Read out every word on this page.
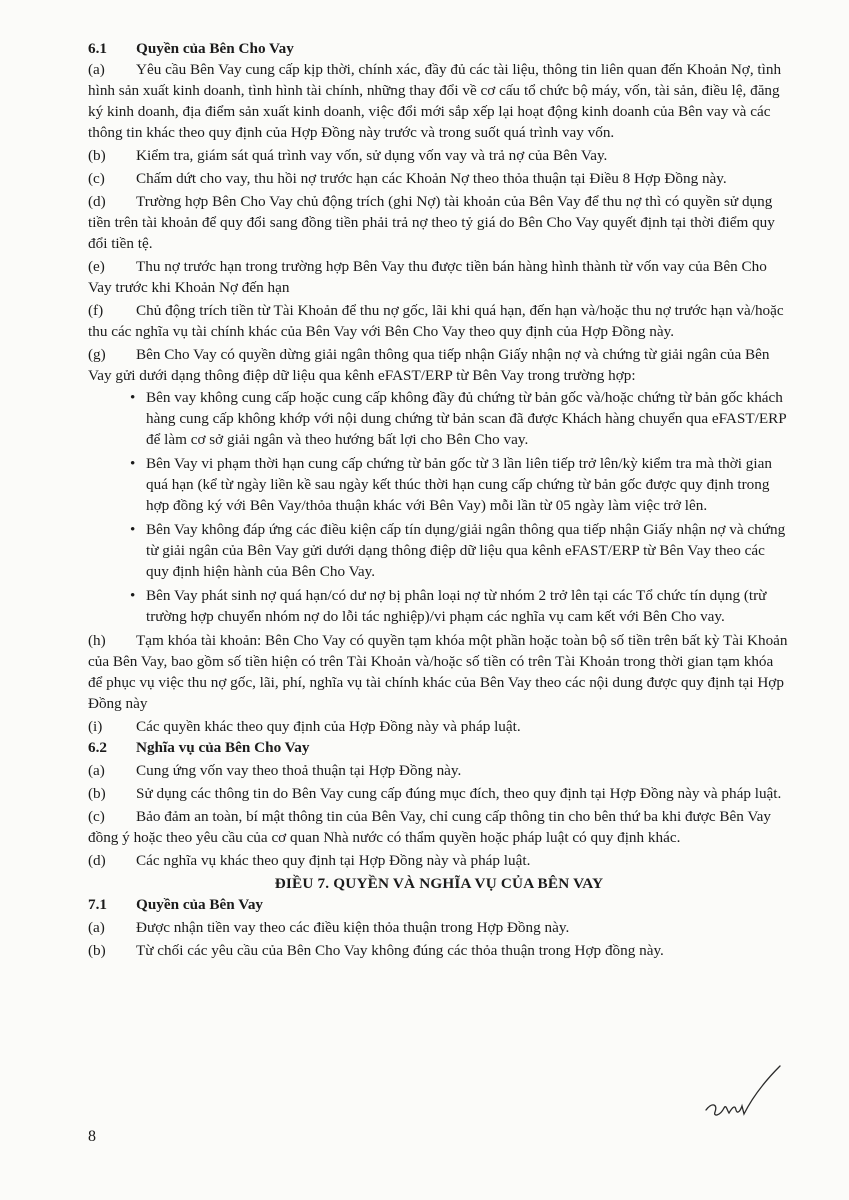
6.1	Quyền của Bên Cho Vay
(a) Yêu cầu Bên Vay cung cấp kịp thời, chính xác, đầy đủ các tài liệu, thông tin liên quan đến Khoản Nợ, tình hình sản xuất kinh doanh, tình hình tài chính, những thay đổi về cơ cấu tổ chức bộ máy, vốn, tài sản, điều lệ, đăng ký kinh doanh, địa điểm sản xuất kinh doanh, việc đổi mới sắp xếp lại hoạt động kinh doanh của Bên vay và các thông tin khác theo quy định của Hợp Đồng này trước và trong suốt quá trình vay vốn.
(b) Kiểm tra, giám sát quá trình vay vốn, sử dụng vốn vay và trả nợ của Bên Vay.
(c) Chấm dứt cho vay, thu hồi nợ trước hạn các Khoản Nợ theo thỏa thuận tại Điều 8 Hợp Đồng này.
(d) Trường hợp Bên Cho Vay chủ động trích (ghi Nợ) tài khoản của Bên Vay để thu nợ thì có quyền sử dụng tiền trên tài khoản để quy đổi sang đồng tiền phải trả nợ theo tỷ giá do Bên Cho Vay quyết định tại thời điểm quy đổi tiền tệ.
(e) Thu nợ trước hạn trong trường hợp Bên Vay thu được tiền bán hàng hình thành từ vốn vay của Bên Cho Vay trước khi Khoản Nợ đến hạn
(f) Chủ động trích tiền từ Tài Khoản để thu nợ gốc, lãi khi quá hạn, đến hạn và/hoặc thu nợ trước hạn và/hoặc thu các nghĩa vụ tài chính khác của Bên Vay với Bên Cho Vay theo quy định của Hợp Đồng này.
(g) Bên Cho Vay có quyền dừng giải ngân thông qua tiếp nhận Giấy nhận nợ và chứng từ giải ngân của Bên Vay gửi dưới dạng thông điệp dữ liệu qua kênh eFAST/ERP từ Bên Vay trong trường hợp:
• Bên vay không cung cấp hoặc cung cấp không đầy đủ chứng từ bản gốc và/hoặc chứng từ bản gốc khách hàng cung cấp không khớp với nội dung chứng từ bản scan đã được Khách hàng chuyển qua eFAST/ERP để làm cơ sở giải ngân và theo hướng bất lợi cho Bên Cho vay.
• Bên Vay vi phạm thời hạn cung cấp chứng từ bản gốc từ 3 lần liên tiếp trở lên/kỳ kiểm tra mà thời gian quá hạn (kể từ ngày liền kề sau ngày kết thúc thời hạn cung cấp chứng từ bản gốc được quy định trong hợp đồng ký với Bên Vay/thỏa thuận khác với Bên Vay) mỗi lần từ 05 ngày làm việc trở lên.
• Bên Vay không đáp ứng các điều kiện cấp tín dụng/giải ngân thông qua tiếp nhận Giấy nhận nợ và chứng từ giải ngân của Bên Vay gửi dưới dạng thông điệp dữ liệu qua kênh eFAST/ERP từ Bên Vay theo các quy định hiện hành của Bên Cho Vay.
• Bên Vay phát sinh nợ quá hạn/có dư nợ bị phân loại nợ từ nhóm 2 trở lên tại các Tổ chức tín dụng (trừ trường hợp chuyển nhóm nợ do lỗi tác nghiệp)/vi phạm các nghĩa vụ cam kết với Bên Cho vay.
(h) Tạm khóa tài khoản: Bên Cho Vay có quyền tạm khóa một phần hoặc toàn bộ số tiền trên bất kỳ Tài Khoản của Bên Vay, bao gồm số tiền hiện có trên Tài Khoản và/hoặc số tiền có trên Tài Khoản trong thời gian tạm khóa để phục vụ việc thu nợ gốc, lãi, phí, nghĩa vụ tài chính khác của Bên Vay theo các nội dung được quy định tại Hợp Đồng này
(i) Các quyền khác theo quy định của Hợp Đồng này và pháp luật.
6.2	Nghĩa vụ của Bên Cho Vay
(a) Cung ứng vốn vay theo thoả thuận tại Hợp Đồng này.
(b) Sử dụng các thông tin do Bên Vay cung cấp đúng mục đích, theo quy định tại Hợp Đồng này và pháp luật.
(c) Bảo đảm an toàn, bí mật thông tin của Bên Vay, chỉ cung cấp thông tin cho bên thứ ba khi được Bên Vay đồng ý hoặc theo yêu cầu của cơ quan Nhà nước có thẩm quyền hoặc pháp luật có quy định khác.
(d) Các nghĩa vụ khác theo quy định tại Hợp Đồng này và pháp luật.
ĐIỀU 7. QUYỀN VÀ NGHĨA VỤ CỦA BÊN VAY
7.1	Quyền của Bên Vay
(a) Được nhận tiền vay theo các điều kiện thỏa thuận trong Hợp Đồng này.
(b) Từ chối các yêu cầu của Bên Cho Vay không đúng các thỏa thuận trong Hợp đồng này.
8
